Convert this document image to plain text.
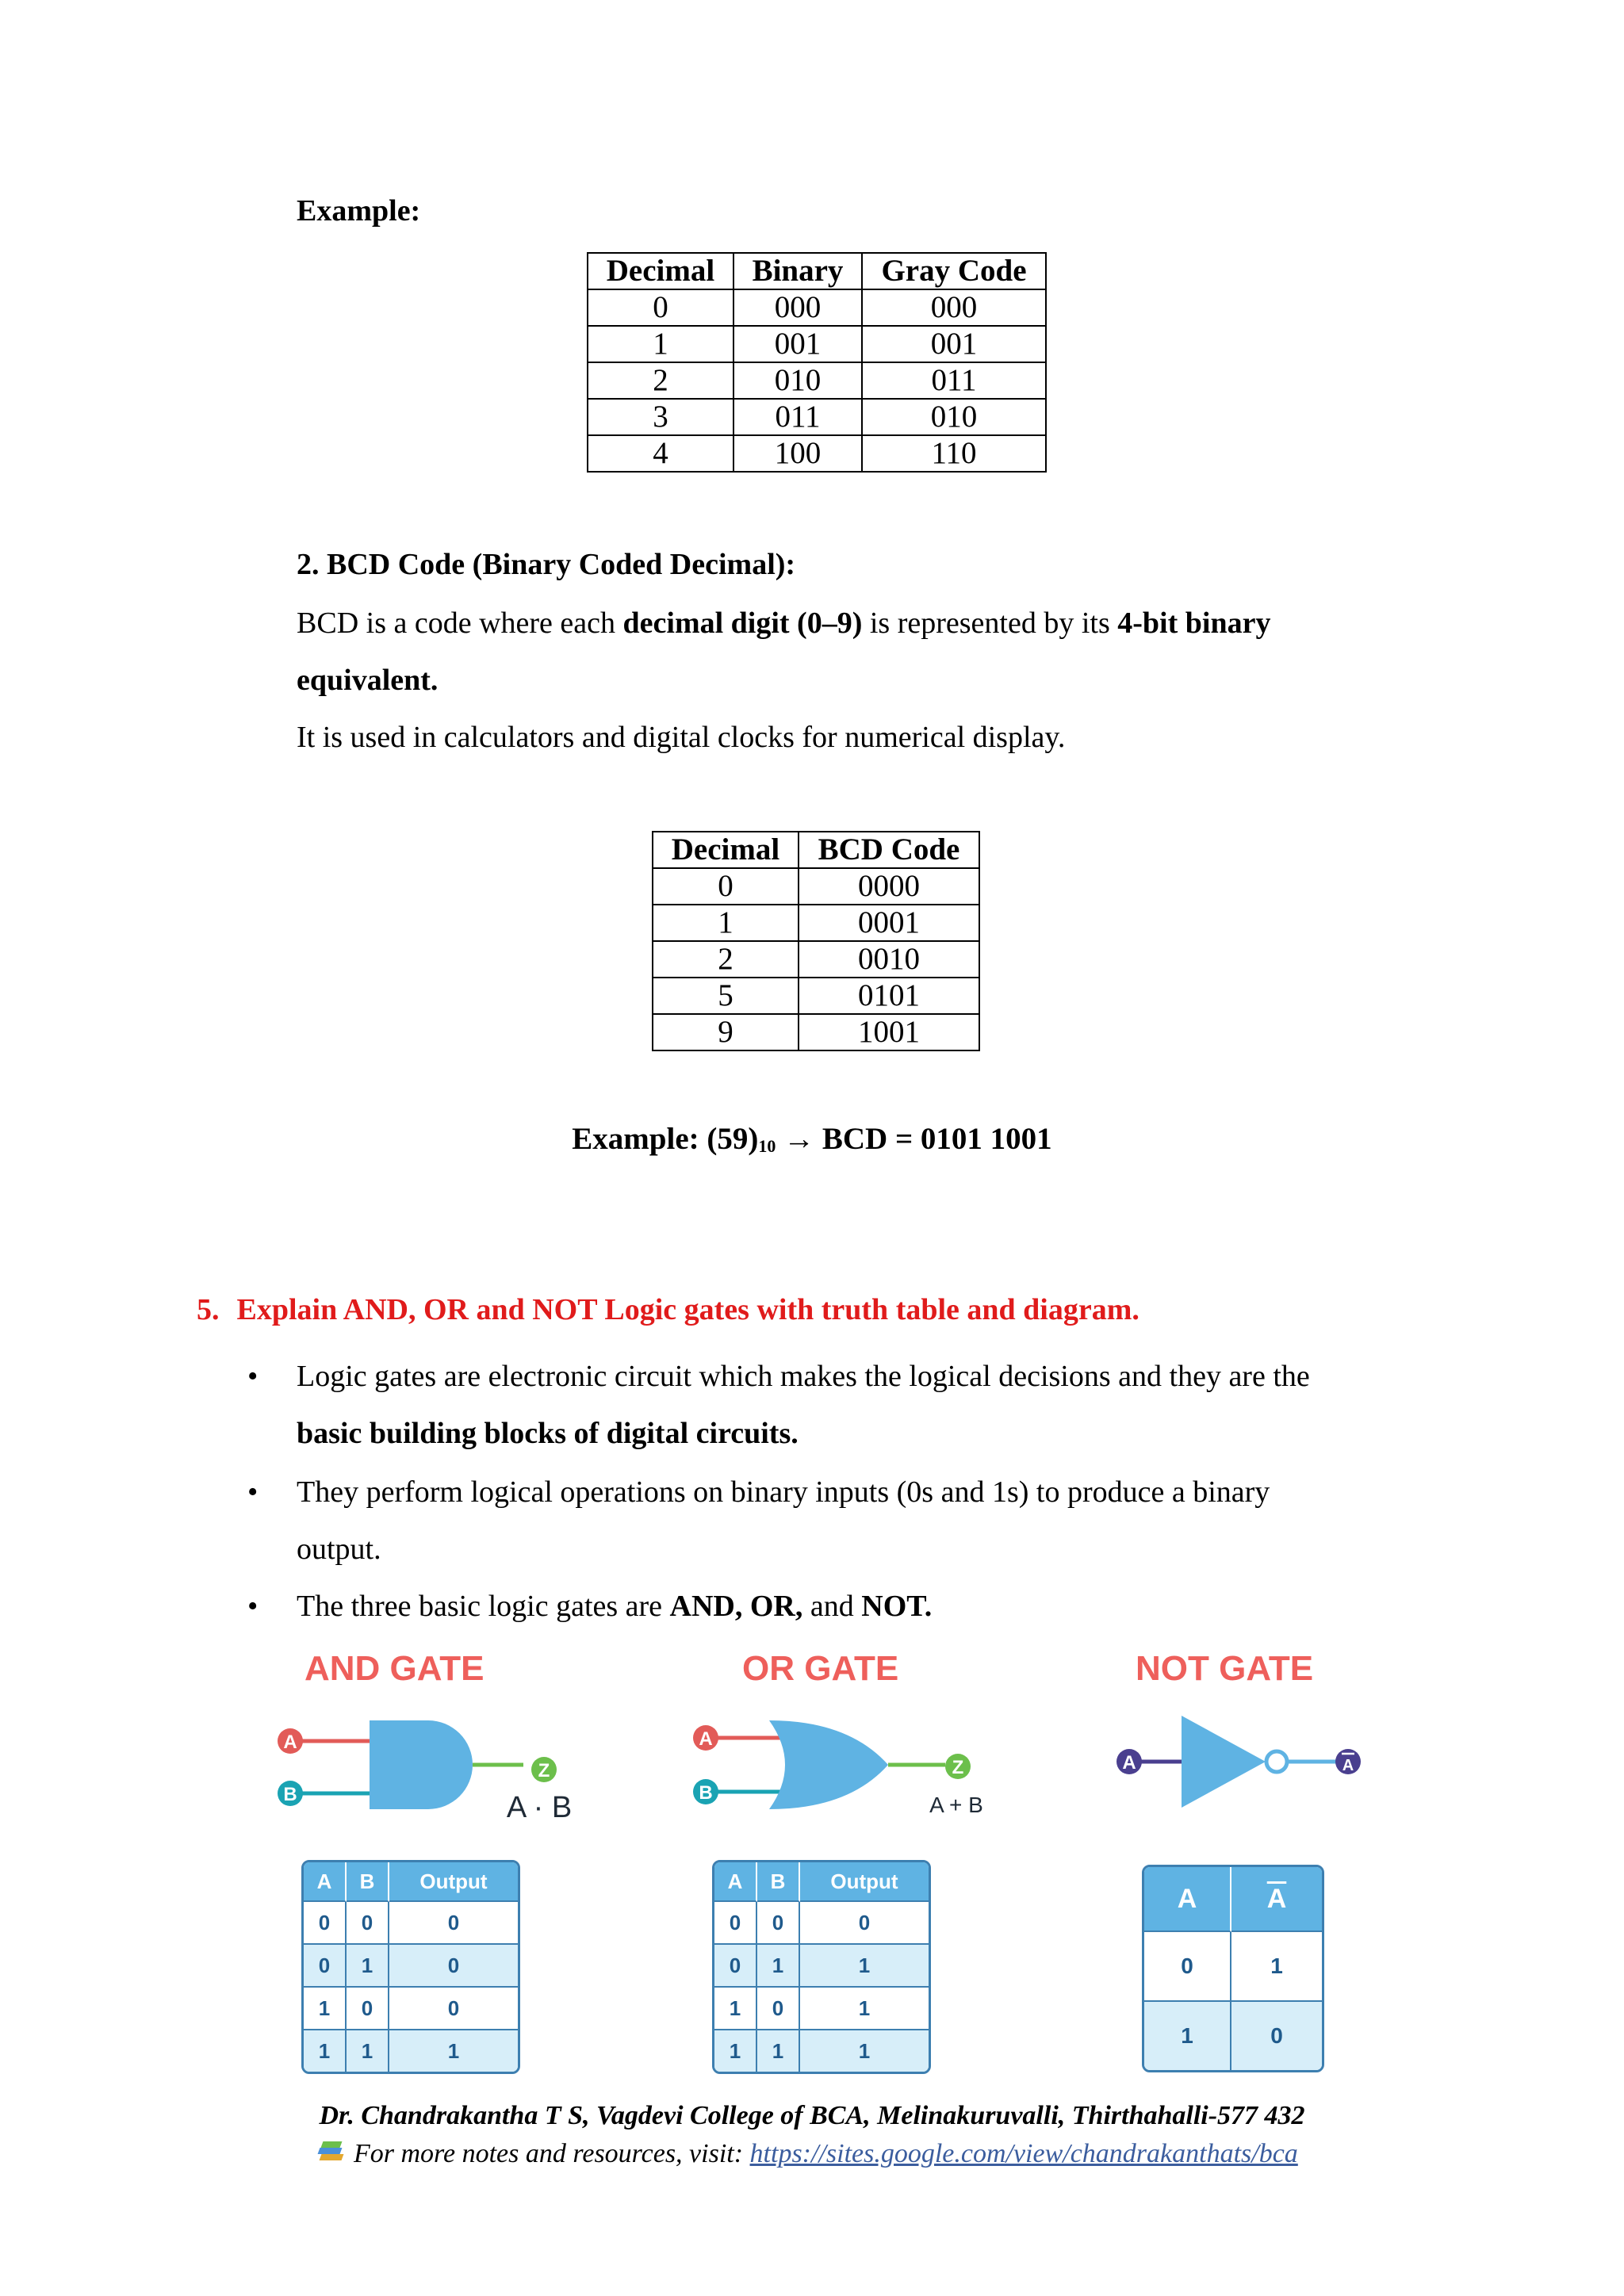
Example:
Decimal	Binary	Gray Code
0	000	000
1	001	001
2	010	011
3	011	010
4	100	110
2. BCD Code (Binary Coded Decimal):
BCD is a code where each decimal digit (0–9) is represented by its 4-bit binary
equivalent.
It is used in calculators and digital clocks for numerical display.
Decimal	BCD Code
0	0000
1	0001
2	0010
5	0101
9	1001
Example: $(59)_{10}$ → BCD = 0101 1001
5. Explain AND, OR and NOT Logic gates with truth table and diagram.
• Logic gates are electronic circuit which makes the logical decisions and they are the
basic building blocks of digital circuits.
• They perform logical operations on binary inputs (0s and 1s) to produce a binary
output.
• The three basic logic gates are AND, OR, and NOT.
AND GATE	OR GATE	NOT GATE
A
B
Z
A · B
A
B
Z
A + B
A	A
A	B	Output
0	0	0
0	1	0
1	0	0
1	1	1
A	B	Output
0	0	0
0	1	1
1	0	1
1	1	1
A	$\overline{A}$
0	1
1	0
Dr. Chandrakantha T S, Vagdevi College of BCA, Melinakuruvalli, Thirthahalli-577 432
For more notes and resources, visit: https://sites.google.com/view/chandrakanthats/bca
